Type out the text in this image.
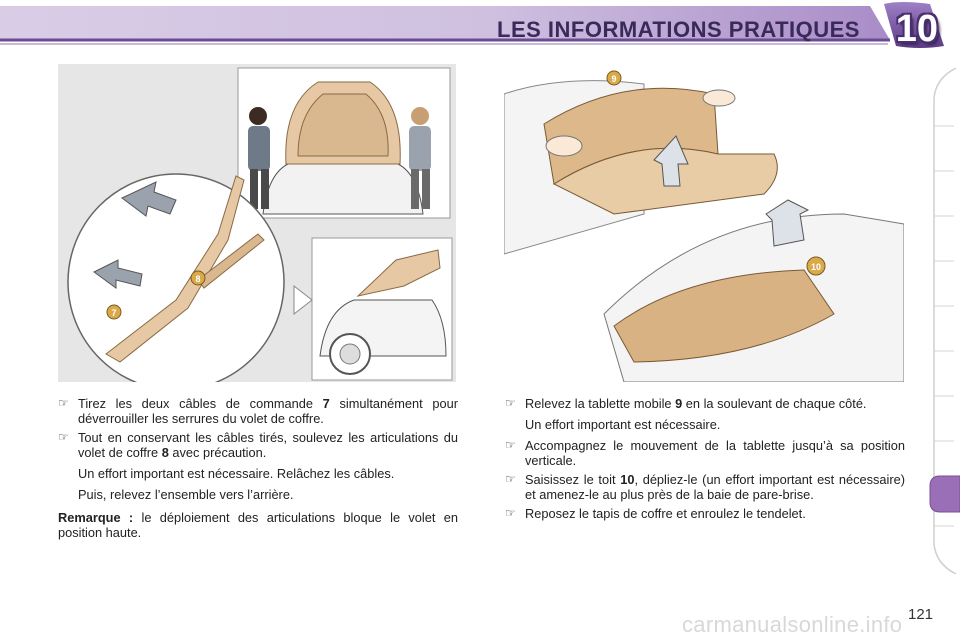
LES INFORMATIONS PRATIQUES 10
7
8
9
10
☞ Tirez les deux câbles de commande 7 simultanément pour déverrouiller les serrures du volet de coffre.
☞ Tout en conservant les câbles tirés, soulevez les articulations du volet de coffre 8 avec précaution.
Un effort important est nécessaire. Relâchez les câbles.
Puis, relevez l’ensemble vers l’arrière.
Remarque : le déploiement des articulations bloque le volet en position haute.
☞ Relevez la tablette mobile 9 en la soulevant de chaque côté.
Un effort important est nécessaire.
☞ Accompagnez le mouvement de la tablette jusqu’à sa position verticale.
☞ Saisissez le toit 10, dépliez-le (un effort important est nécessaire) et amenez-le au plus près de la baie de pare-brise.
☞ Reposez le tapis de coffre et enroulez le tendelet.
carmanualsonline.info 121
